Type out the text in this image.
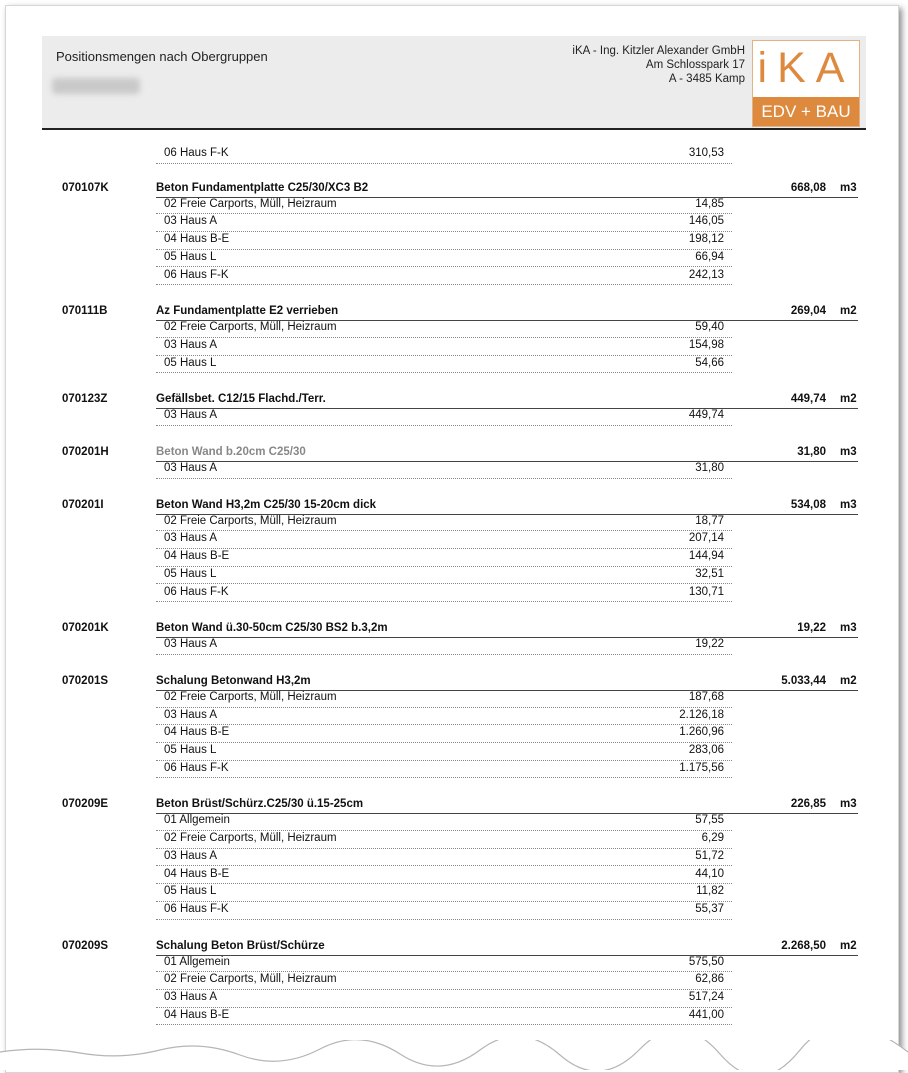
Positionsmengen nach Obergruppen	iKA - Ing. Kitzler Alexander GmbH
Am Schlosspark 17
A - 3485 Kamp iKA
EDV + BAU
06 Haus F-K	310,53
070107K	Beton Fundamentplatte C25/30/XC3 B2	668,08 m3
02 Freie Carports, Müll, Heizraum	14,85
03 Haus A	146,05
04 Haus B-E	198,12
05 Haus L	66,94
06 Haus F-K	242,13
070111B	Az Fundamentplatte E2 verrieben	269,04 m2
02 Freie Carports, Müll, Heizraum	59,40
03 Haus A	154,98
05 Haus L	54,66
070123Z	Gefällsbet. C12/15 Flachd./Terr.	449,74 m2
03 Haus A	449,74
070201H	Beton Wand b.20cm C25/30	31,80 m3
03 Haus A	31,80
070201I	Beton Wand H3,2m C25/30 15-20cm dick	534,08 m3
02 Freie Carports, Müll, Heizraum	18,77
03 Haus A	207,14
04 Haus B-E	144,94
05 Haus L	32,51
06 Haus F-K	130,71
070201K	Beton Wand ü.30-50cm C25/30 BS2 b.3,2m	19,22 m3
03 Haus A	19,22
070201S	Schalung Betonwand H3,2m	5.033,44 m2
02 Freie Carports, Müll, Heizraum	187,68
03 Haus A	2.126,18
04 Haus B-E	1.260,96
05 Haus L	283,06
06 Haus F-K	1.175,56
070209E	Beton Brüst/Schürz.C25/30 ü.15-25cm	226,85 m3
01 Allgemein	57,55
02 Freie Carports, Müll, Heizraum	6,29
03 Haus A	51,72
04 Haus B-E	44,10
05 Haus L	11,82
06 Haus F-K	55,37
070209S	Schalung Beton Brüst/Schürze	2.268,50 m2
01 Allgemein	575,50
02 Freie Carports, Müll, Heizraum	62,86
03 Haus A	517,24
04 Haus B-E	441,00
